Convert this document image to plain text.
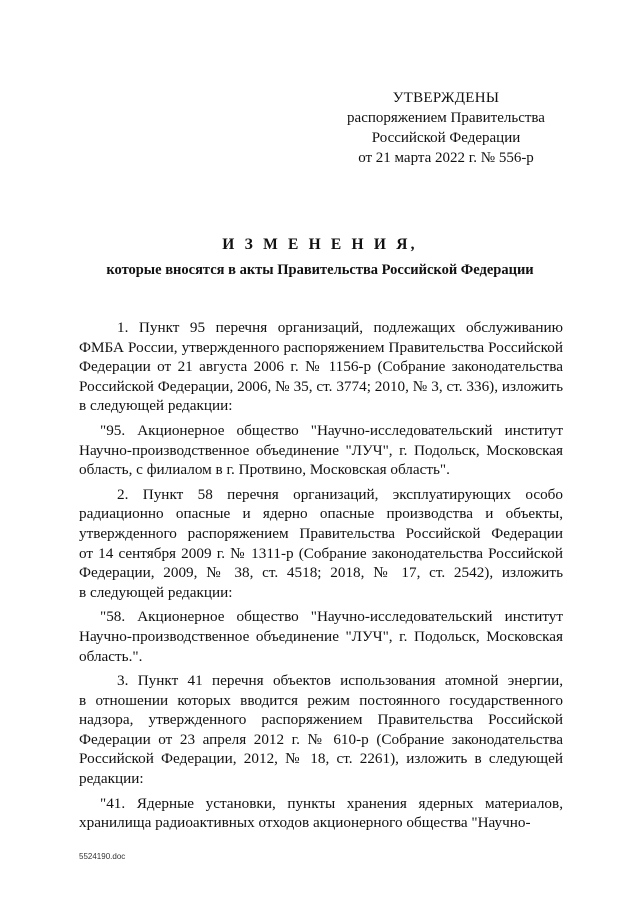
УТВЕРЖДЕНЫ
распоряжением Правительства
Российской Федерации
от 21 марта 2022 г. № 556-р
И З М Е Н Е Н И Я,
которые вносятся в акты Правительства Российской Федерации
1. Пункт 95 перечня организаций, подлежащих обслуживанию
ФМБА России, утвержденного распоряжением Правительства Российской
Федерации от 21 августа 2006 г. № 1156-р (Собрание законодательства
Российской Федерации, 2006, № 35, ст. 3774; 2010, № 3, ст. 336), изложить
в следующей редакции:
"95. Акционерное общество "Научно-исследовательский институт
Научно-производственное объединение "ЛУЧ", г. Подольск, Московская
область, с филиалом в г. Протвино, Московская область".
2. Пункт 58 перечня организаций, эксплуатирующих особо
радиационно опасные и ядерно опасные производства и объекты,
утвержденного распоряжением Правительства Российской Федерации
от 14 сентября 2009 г. № 1311-р (Собрание законодательства Российской
Федерации, 2009, № 38, ст. 4518; 2018, № 17, ст. 2542), изложить
в следующей редакции:
"58. Акционерное общество "Научно-исследовательский институт
Научно-производственное объединение "ЛУЧ", г. Подольск, Московская
область.".
3. Пункт 41 перечня объектов использования атомной энергии,
в отношении которых вводится режим постоянного государственного
надзора, утвержденного распоряжением Правительства Российской
Федерации от 23 апреля 2012 г. № 610-р (Собрание законодательства
Российской Федерации, 2012, № 18, ст. 2261), изложить в следующей
редакции:
"41. Ядерные установки, пункты хранения ядерных материалов,
хранилища радиоактивных отходов акционерного общества "Научно-
5524190.doc
